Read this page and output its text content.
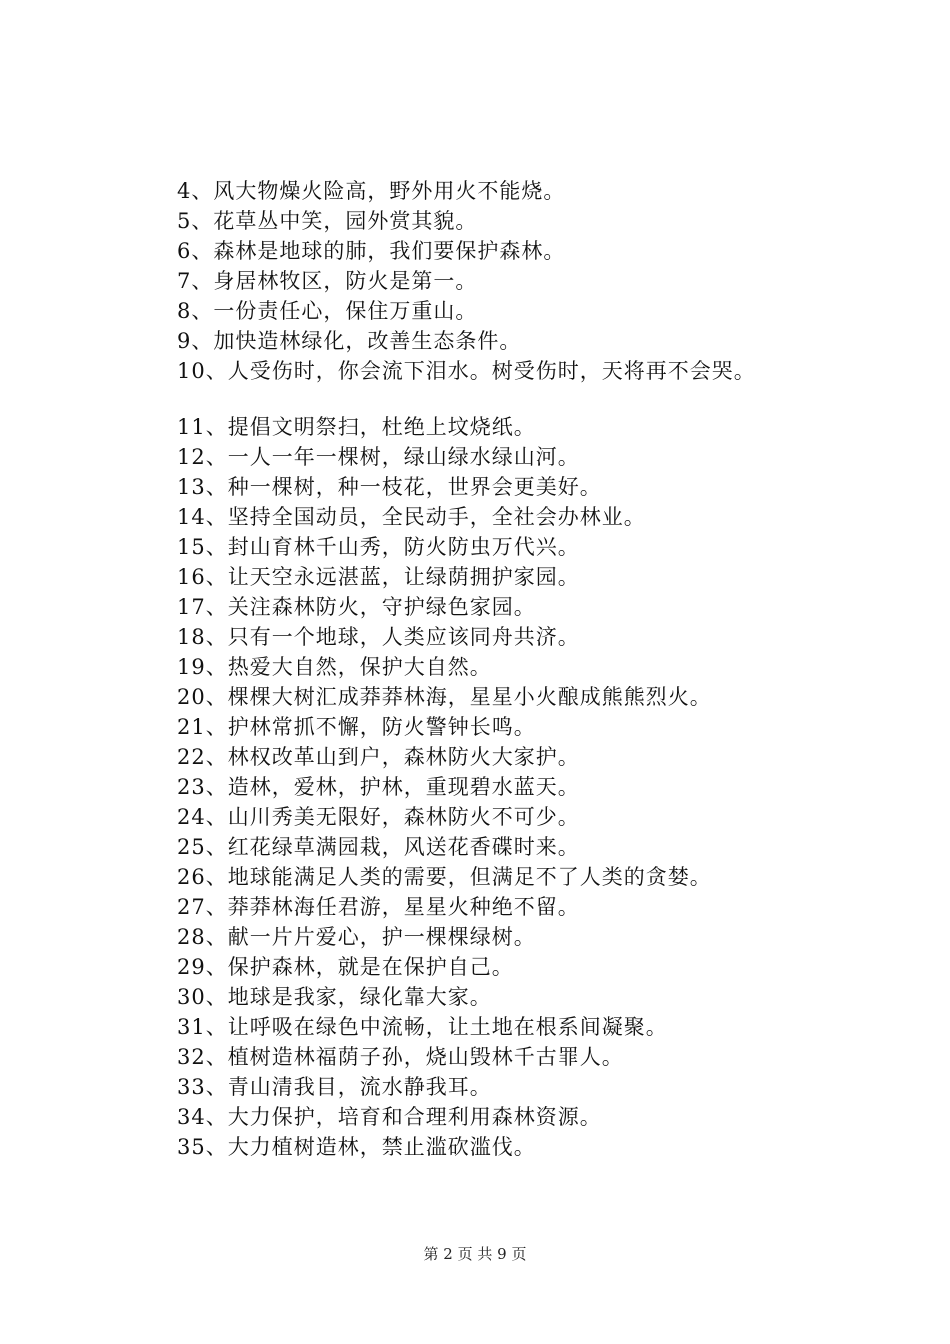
4、风大物燥火险高，野外用火不能烧。
5、花草丛中笑，园外赏其貌。
6、森林是地球的肺，我们要保护森林。
7、身居林牧区，防火是第一。
8、一份责任心，保住万重山。
9、加快造林绿化，改善生态条件。
10、人受伤时，你会流下泪水。树受伤时，天将再不会哭。
11、提倡文明祭扫，杜绝上坟烧纸。
12、一人一年一棵树，绿山绿水绿山河。
13、种一棵树，种一枝花，世界会更美好。
14、坚持全国动员，全民动手，全社会办林业。
15、封山育林千山秀，防火防虫万代兴。
16、让天空永远湛蓝，让绿荫拥护家园。
17、关注森林防火，守护绿色家园。
18、只有一个地球，人类应该同舟共济。
19、热爱大自然，保护大自然。
20、棵棵大树汇成莽莽林海，星星小火酿成熊熊烈火。
21、护林常抓不懈，防火警钟长鸣。
22、林权改革山到户，森林防火大家护。
23、造林，爱林，护林，重现碧水蓝天。
24、山川秀美无限好，森林防火不可少。
25、红花绿草满园栽，风送花香碟时来。
26、地球能满足人类的需要，但满足不了人类的贪婪。
27、莽莽林海任君游，星星火种绝不留。
28、献一片片爱心，护一棵棵绿树。
29、保护森林，就是在保护自己。
30、地球是我家，绿化靠大家。
31、让呼吸在绿色中流畅，让土地在根系间凝聚。
32、植树造林福荫子孙，烧山毁林千古罪人。
33、青山清我目，流水静我耳。
34、大力保护，培育和合理利用森林资源。
35、大力植树造林，禁止滥砍滥伐。
第 2 页 共 9 页
